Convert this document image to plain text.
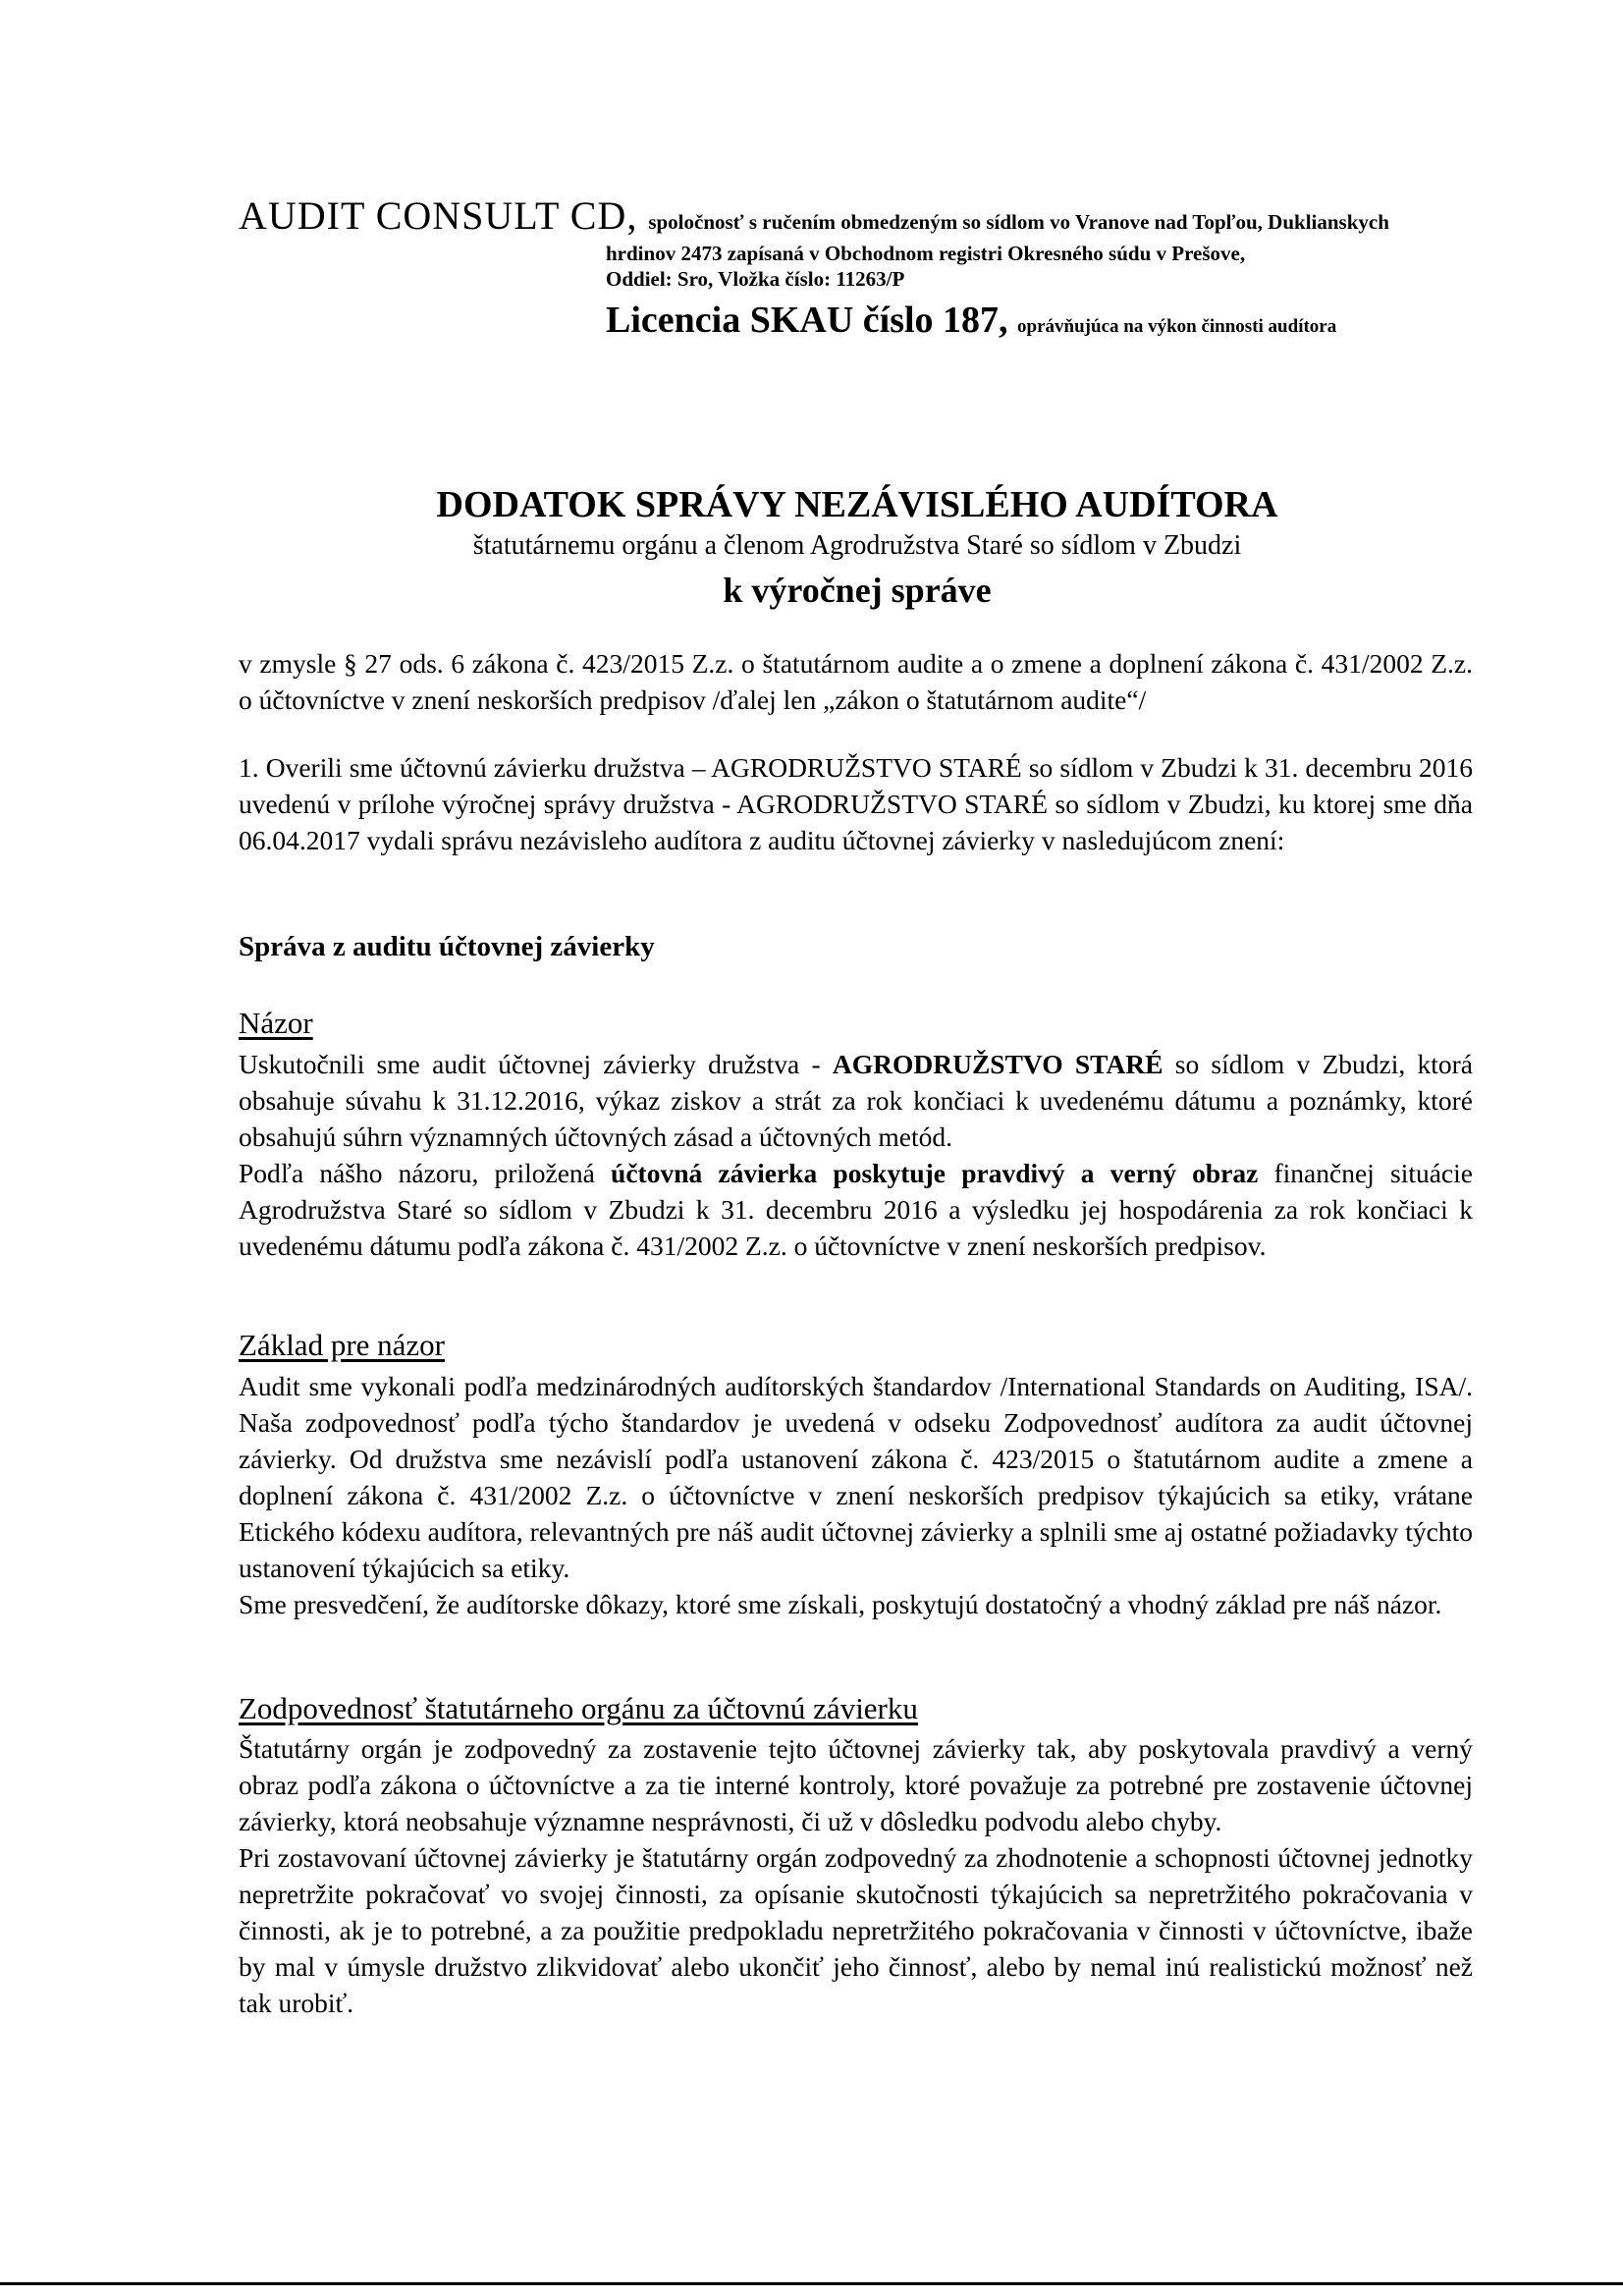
AUDIT CONSULT CD, spoločnosť s ručením obmedzeným so sídlom vo Vranove nad Topľou, Duklianskych
hrdinov 2473 zapísaná v Obchodnom registri Okresného súdu v Prešove,
Oddiel: Sro, Vložka číslo: 11263/P
Licencia SKAU číslo 187, oprávňujúca na výkon činnosti audítora
DODATOK SPRÁVY NEZÁVISLÉHO AUDÍTORA
štatutárnemu orgánu a členom Agrodružstva Staré so sídlom v Zbudzi
k výročnej správe
v zmysle § 27 ods. 6 zákona č. 423/2015 Z.z. o štatutárnom audite a o zmene a doplnení zákona č. 431/2002 Z.z. o účtovníctve v znení neskorších predpisov /ďalej len „zákon o štatutárnom audite“/
1. Overili sme účtovnú závierku družstva – AGRODRUŽSTVO STARÉ so sídlom v Zbudzi k 31. decembru 2016 uvedenú v prílohe výročnej správy družstva - AGRODRUŽSTVO STARÉ so sídlom v Zbudzi, ku ktorej sme dňa 06.04.2017 vydali správu nezávisleho audítora z auditu účtovnej závierky v nasledujúcom znení:
Správa z auditu účtovnej závierky
Názor

Uskutočnili sme audit účtovnej závierky družstva - AGRODRUŽSTVO STARÉ so sídlom v Zbudzi, ktorá obsahuje súvahu k 31.12.2016, výkaz ziskov a strát za rok končiaci k uvedenému dátumu a poznámky, ktoré obsahujú súhrn významných účtovných zásad a účtovných metód.

Podľa nášho názoru, priložená účtovná závierka poskytuje pravdivý a verný obraz finančnej situácie Agrodružstva Staré so sídlom v Zbudzi k 31. decembru 2016 a výsledku jej hospodárenia za rok končiaci k uvedenému dátumu podľa zákona č. 431/2002 Z.z. o účtovníctve v znení neskorších predpisov.

Základ pre názor

Audit sme vykonali podľa medzinárodných audítorských štandardov /International Standards on Auditing, ISA/. Naša zodpovednosť podľa týcho štandardov je uvedená v odseku Zodpovednosť audítora za audit účtovnej závierky. Od družstva sme nezávislí podľa ustanovení zákona č. 423/2015 o štatutárnom audite a zmene a doplnení zákona č. 431/2002 Z.z. o účtovníctve v znení neskorších predpisov týkajúcich sa etiky, vrátane Etického kódexu audítora, relevantných pre náš audit účtovnej závierky a splnili sme aj ostatné požiadavky týchto ustanovení týkajúcich sa etiky.

Sme presvedčení, že audítorske dôkazy, ktoré sme získali, poskytujú dostatočný a vhodný základ pre náš názor.

Zodpovednosť štatutárneho orgánu za účtovnú závierku

Štatutárny orgán je zodpovedný za zostavenie tejto účtovnej závierky tak, aby poskytovala pravdivý a verný obraz podľa zákona o účtovníctve a za tie interné kontroly, ktoré považuje za potrebné pre zostavenie účtovnej závierky, ktorá neobsahuje významne nesprávnosti, či už v dôsledku podvodu alebo chyby.

Pri zostavovaní účtovnej závierky je štatutárny orgán zodpovedný za zhodnotenie a schopnosti účtovnej jednotky nepretržite pokračovať vo svojej činnosti, za opísanie skutočnosti týkajúcich sa nepretržitého pokračovania v činnosti, ak je to potrebné, a za použitie predpokladu nepretržitého pokračovania v činnosti v účtovníctve, ibaže by mal v úmysle družstvo zlikvidovať alebo ukončiť jeho činnosť, alebo by nemal inú realistickú možnosť než tak urobiť.
